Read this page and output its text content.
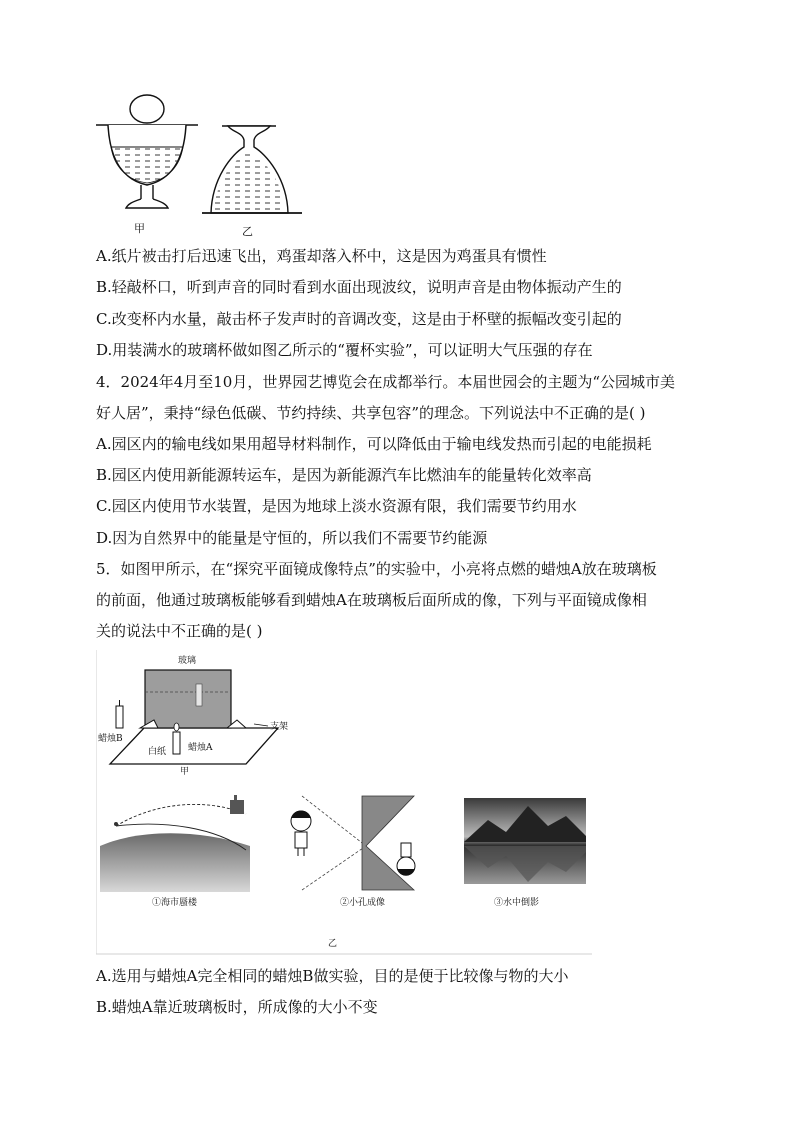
甲	乙
A.纸片被击打后迅速飞出，鸡蛋却落入杯中，这是因为鸡蛋具有惯性
B.轻敲杯口，听到声音的同时看到水面出现波纹，说明声音是由物体振动产生的
C.改变杯内水量，敲击杯子发声时的音调改变，这是由于杯壁的振幅改变引起的
D.用装满水的玻璃杯做如图乙所示的“覆杯实验”，可以证明大气压强的存在
4．2024年4月至10月，世界园艺博览会在成都举行。本届世园会的主题为“公园城市美
好人居”，秉持“绿色低碳、节约持续、共享包容”的理念。下列说法中不正确的是( )
A.园区内的输电线如果用超导材料制作，可以降低由于输电线发热而引起的电能损耗
B.园区内使用新能源转运车，是因为新能源汽车比燃油车的能量转化效率高
C.园区内使用节水装置，是因为地球上淡水资源有限，我们需要节约用水
D.因为自然界中的能量是守恒的，所以我们不需要节约能源
5．如图甲所示，在“探究平面镜成像特点”的实验中，小亮将点燃的蜡烛A放在玻璃板
的前面，他通过玻璃板能够看到蜡烛A在玻璃板后面所成的像，下列与平面镜成像相
关的说法中不正确的是( )
玻璃
支架
蜡烛B
白纸 蜡烛A
甲
①海市蜃楼	②小孔成像	③水中倒影
乙
A.选用与蜡烛A完全相同的蜡烛B做实验，目的是便于比较像与物的大小
B.蜡烛A靠近玻璃板时，所成像的大小不变
